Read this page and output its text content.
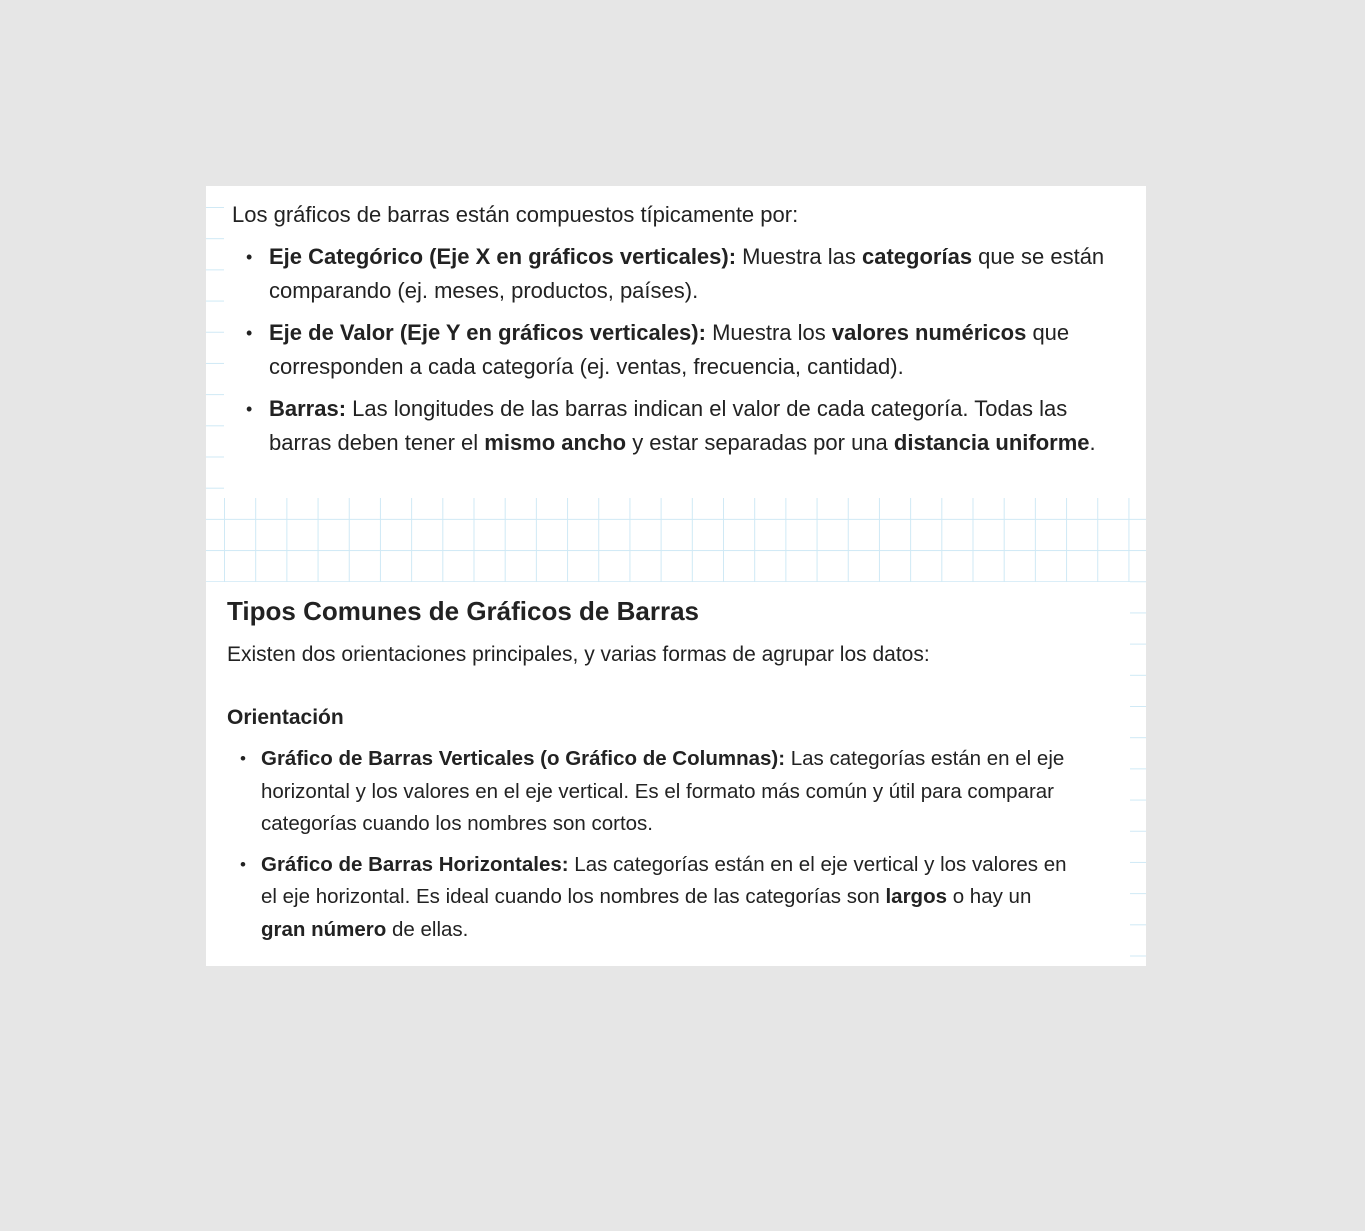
Los gráficos de barras están compuestos típicamente por:

• Eje Categórico (Eje X en gráficos verticales): Muestra las categorías que se están comparando (ej. meses, productos, países).
• Eje de Valor (Eje Y en gráficos verticales): Muestra los valores numéricos que corresponden a cada categoría (ej. ventas, frecuencia, cantidad).
• Barras: Las longitudes de las barras indican el valor de cada categoría. Todas las barras deben tener el mismo ancho y estar separadas por una distancia uniforme.
Tipos Comunes de Gráficos de Barras

Existen dos orientaciones principales, y varias formas de agrupar los datos:

Orientación
• Gráfico de Barras Verticales (o Gráfico de Columnas): Las categorías están en el eje horizontal y los valores en el eje vertical. Es el formato más común y útil para comparar categorías cuando los nombres son cortos.
• Gráfico de Barras Horizontales: Las categorías están en el eje vertical y los valores en el eje horizontal. Es ideal cuando los nombres de las categorías son largos o hay un gran número de ellas.
